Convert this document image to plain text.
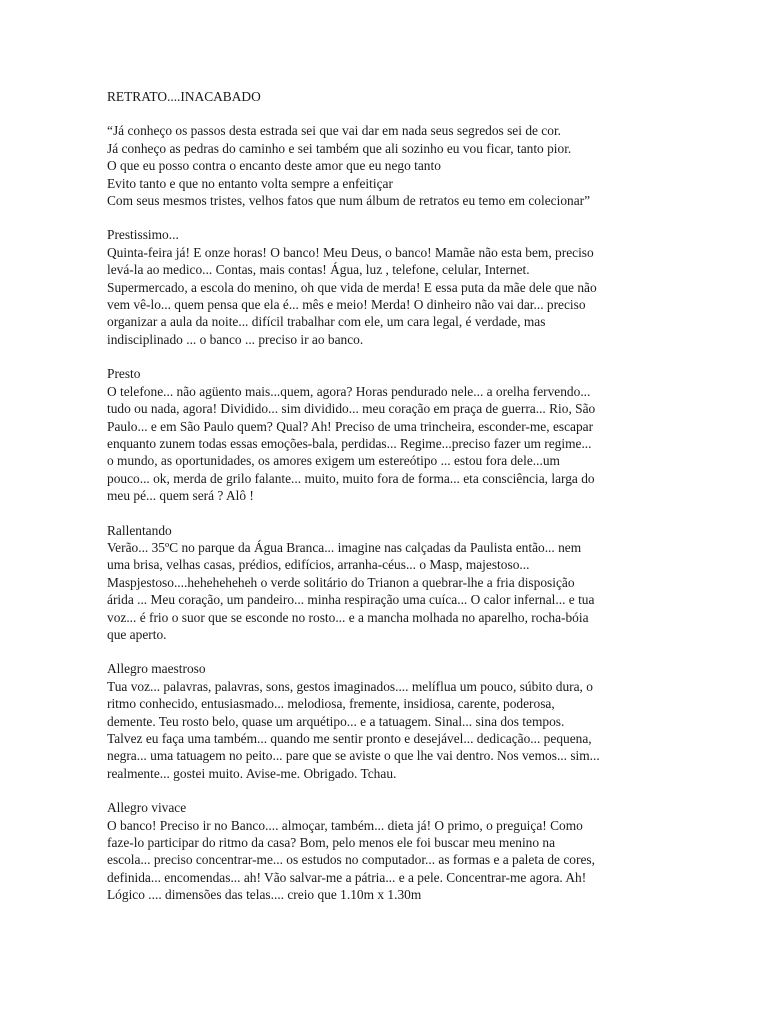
RETRATO....INACABADO
“Já conheço os passos desta estrada sei que vai dar em nada seus segredos sei de cor.
Já conheço as pedras do caminho e sei também que ali sozinho eu vou ficar, tanto pior.
O que eu posso contra o encanto deste amor que eu nego tanto
Evito tanto e que no entanto volta sempre a enfeitiçar
Com seus mesmos tristes, velhos fatos que num álbum de retratos eu temo em colecionar”
Prestissimo...
Quinta-feira já! E onze horas! O banco! Meu Deus, o banco! Mamãe não esta bem, preciso
levá-la ao medico... Contas, mais contas! Água, luz , telefone, celular, Internet.
Supermercado, a escola do menino, oh que vida de merda! E essa puta da mãe dele que não
vem vê-lo... quem pensa que ela é... mês e meio! Merda! O dinheiro não vai dar... preciso
organizar a aula da noite... difícil trabalhar com ele, um cara legal, é verdade, mas
indisciplinado ... o banco ... preciso ir ao banco.
Presto
O telefone... não agüento mais...quem, agora? Horas pendurado nele... a orelha fervendo...
tudo ou nada, agora! Dividido... sim dividido... meu coração em praça de guerra... Rio, São
Paulo... e em São Paulo quem? Qual? Ah! Preciso de uma trincheira, esconder-me, escapar
enquanto zunem todas essas emoções-bala, perdidas... Regime...preciso fazer um regime...
o mundo, as oportunidades, os amores exigem um estereótipo ... estou fora dele...um
pouco... ok, merda de grilo falante... muito, muito fora de forma... eta consciência, larga do
meu pé... quem será ? Alô !
Rallentando
Verão... 35ºC no parque da Água Branca... imagine nas calçadas da Paulista então... nem
uma brisa, velhas casas, prédios, edifícios, arranha-céus... o Masp, majestoso...
Maspjestoso....heheheheheh o verde solitário do Trianon a quebrar-lhe a fria disposição
árida ... Meu coração, um pandeiro... minha respiração uma cuíca... O calor infernal... e tua
voz... é frio o suor que se esconde no rosto... e a mancha molhada no aparelho, rocha-bóia
que aperto.
Allegro maestroso
Tua voz... palavras, palavras, sons, gestos imaginados.... melíflua um pouco, súbito dura, o
ritmo conhecido, entusiasmado... melodiosa, fremente, insidiosa, carente, poderosa,
demente. Teu rosto belo, quase um arquétipo... e a tatuagem. Sinal... sina dos tempos.
Talvez eu faça uma também... quando me sentir pronto e desejável... dedicação... pequena,
negra... uma tatuagem no peito... pare que se aviste o que lhe vai dentro. Nos vemos... sim...
realmente... gostei muito. Avise-me. Obrigado. Tchau.
Allegro vivace
O banco! Preciso ir no Banco.... almoçar, também... dieta já! O primo, o preguiça! Como
faze-lo participar do ritmo da casa? Bom, pelo menos ele foi buscar meu menino na
escola... preciso concentrar-me... os estudos no computador... as formas e a paleta de cores,
definida... encomendas... ah! Vão salvar-me a pátria... e a pele. Concentrar-me agora. Ah!
Lógico .... dimensões das telas.... creio que 1.10m x 1.30m
